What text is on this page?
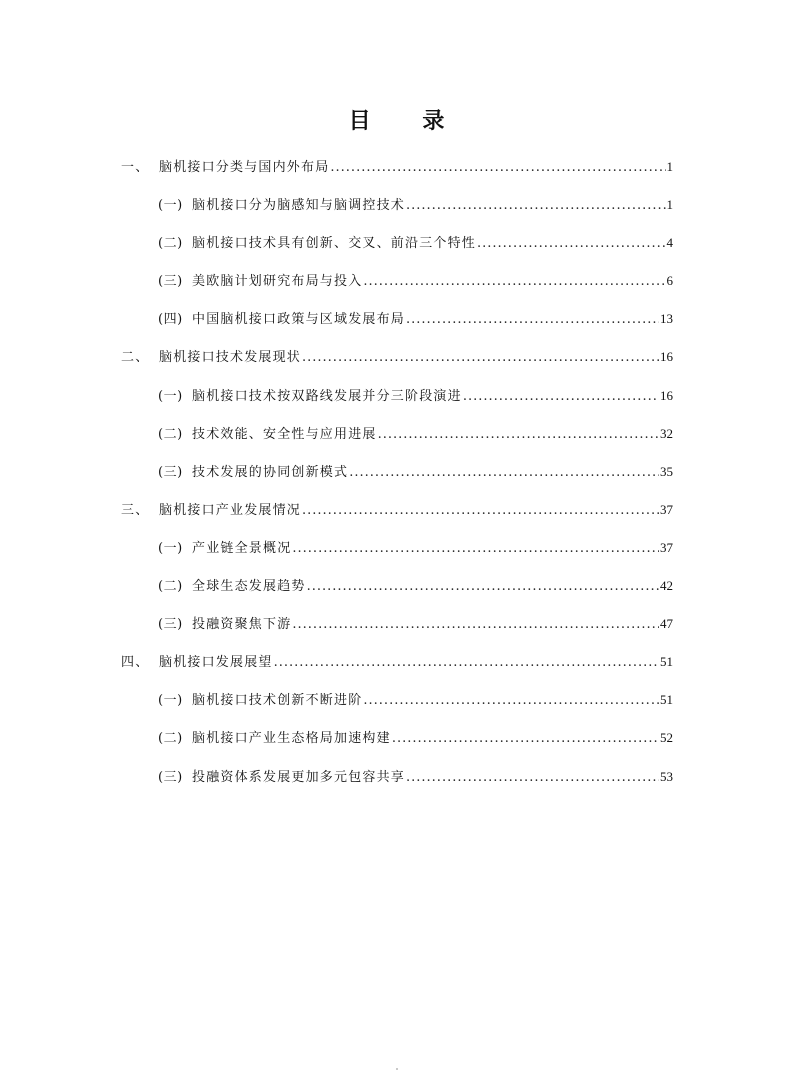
目 录
一、 脑机接口分类与国内外布局 .....	1
(一) 脑机接口分为脑感知与脑调控技术 .....	1
(二) 脑机接口技术具有创新、交叉、前沿三个特性 .....	4
(三) 美欧脑计划研究布局与投入 .....	6
(四) 中国脑机接口政策与区域发展布局 .....	13
二、 脑机接口技术发展现状 .....	16
(一) 脑机接口技术按双路线发展并分三阶段演进 .....	16
(二) 技术效能、安全性与应用进展 .....	32
(三) 技术发展的协同创新模式 .....	35
三、 脑机接口产业发展情况 .....	37
(一) 产业链全景概况 .....	37
(二) 全球生态发展趋势 .....	42
(三) 投融资聚焦下游 .....	47
四、 脑机接口发展展望 .....	51
(一) 脑机接口技术创新不断进阶 .....	51
(二) 脑机接口产业生态格局加速构建 .....	52
(三) 投融资体系发展更加多元包容共享 .....	53
